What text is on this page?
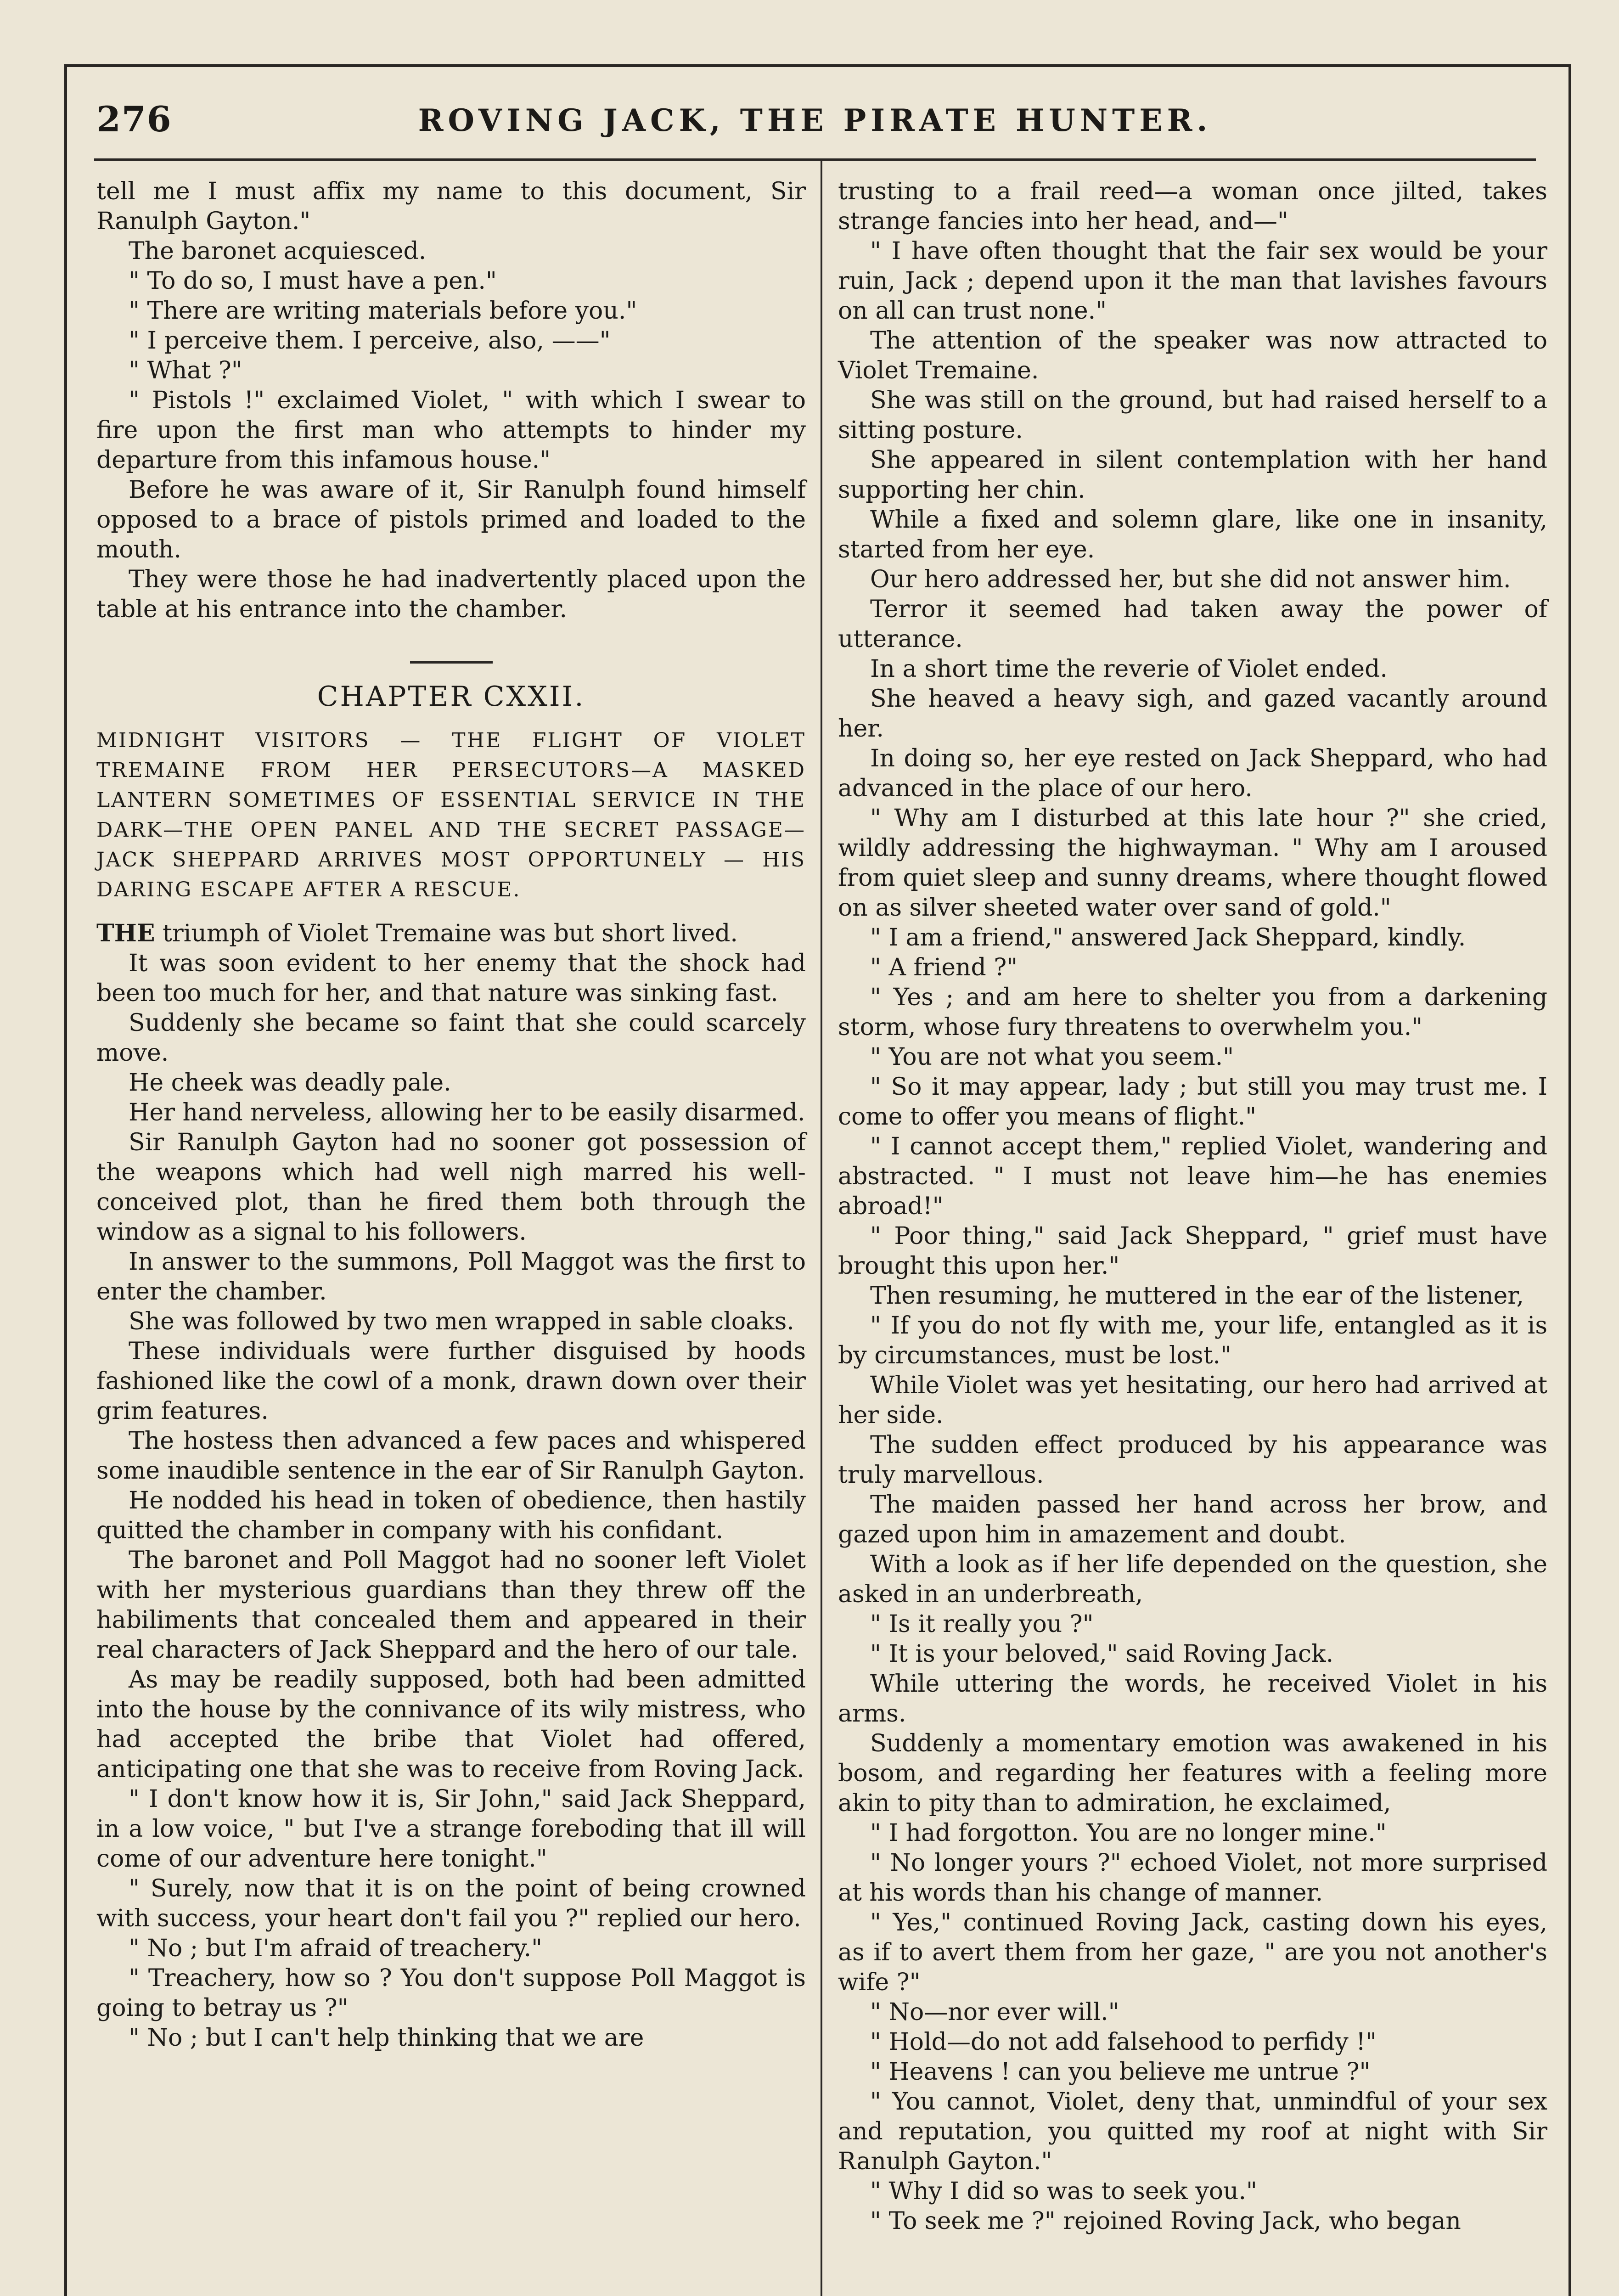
276	ROVING JACK, THE PIRATE HUNTER.

tell me I must affix my name to this document, Sir Ranulph Gayton."

The baronet acquiesced.

" To do so, I must have a pen."

" There are writing materials before you."

" I perceive them. I perceive, also, ——"

" What ?"

" Pistols !" exclaimed Violet, " with which I swear to fire upon the first man who attempts to hinder my departure from this infamous house."

Before he was aware of it, Sir Ranulph found himself opposed to a brace of pistols primed and loaded to the mouth.

They were those he had inadvertently placed upon the table at his entrance into the chamber.

CHAPTER CXXII.
MIDNIGHT VISITORS — THE FLIGHT OF VIOLET TREMAINE FROM HER PERSECUTORS—A MASKED LANTERN SOMETIMES OF ESSENTIAL SERVICE IN THE DARK—THE OPEN PANEL AND THE SECRET PASSAGE—JACK SHEPPARD ARRIVES MOST OPPORTUNELY — HIS DARING ESCAPE AFTER A RESCUE.

THE triumph of Violet Tremaine was but short lived.

It was soon evident to her enemy that the shock had been too much for her, and that nature was sinking fast.

Suddenly she became so faint that she could scarcely move.

He cheek was deadly pale.

Her hand nerveless, allowing her to be easily disarmed.

Sir Ranulph Gayton had no sooner got possession of the weapons which had well nigh marred his well-conceived plot, than he fired them both through the window as a signal to his followers.

In answer to the summons, Poll Maggot was the first to enter the chamber.

She was followed by two men wrapped in sable cloaks.

These individuals were further disguised by hoods fashioned like the cowl of a monk, drawn down over their grim features.

The hostess then advanced a few paces and whispered some inaudible sentence in the ear of Sir Ranulph Gayton.

He nodded his head in token of obedience, then hastily quitted the chamber in company with his confidant.

The baronet and Poll Maggot had no sooner left Violet with her mysterious guardians than they threw off the habiliments that concealed them and appeared in their real characters of Jack Sheppard and the hero of our tale.

As may be readily supposed, both had been admitted into the house by the connivance of its wily mistress, who had accepted the bribe that Violet had offered, anticipating one that she was to receive from Roving Jack.

" I don't know how it is, Sir John," said Jack Sheppard, in a low voice, " but I've a strange foreboding that ill will come of our adventure here tonight."

" Surely, now that it is on the point of being crowned with success, your heart don't fail you ?" replied our hero.

" No ; but I'm afraid of treachery."

" Treachery, how so ? You don't suppose Poll Maggot is going to betray us ?"

" No ; but I can't help thinking that we are

trusting to a frail reed—a woman once jilted, takes strange fancies into her head, and—"

" I have often thought that the fair sex would be your ruin, Jack ; depend upon it the man that lavishes favours on all can trust none."

The attention of the speaker was now attracted to Violet Tremaine.

She was still on the ground, but had raised herself to a sitting posture.

She appeared in silent contemplation with her hand supporting her chin.

While a fixed and solemn glare, like one in insanity, started from her eye.

Our hero addressed her, but she did not answer him.

Terror it seemed had taken away the power of utterance.

In a short time the reverie of Violet ended.

She heaved a heavy sigh, and gazed vacantly around her.

In doing so, her eye rested on Jack Sheppard, who had advanced in the place of our hero.

" Why am I disturbed at this late hour ?" she cried, wildly addressing the highwayman. " Why am I aroused from quiet sleep and sunny dreams, where thought flowed on as silver sheeted water over sand of gold."

" I am a friend," answered Jack Sheppard, kindly.

" A friend ?"

" Yes ; and am here to shelter you from a darkening storm, whose fury threatens to overwhelm you."

" You are not what you seem."

" So it may appear, lady ; but still you may trust me. I come to offer you means of flight."

" I cannot accept them," replied Violet, wandering and abstracted. " I must not leave him—he has enemies abroad!"

" Poor thing," said Jack Sheppard, " grief must have brought this upon her."

Then resuming, he muttered in the ear of the listener,

" If you do not fly with me, your life, entangled as it is by circumstances, must be lost."

While Violet was yet hesitating, our hero had arrived at her side.

The sudden effect produced by his appearance was truly marvellous.

The maiden passed her hand across her brow, and gazed upon him in amazement and doubt.

With a look as if her life depended on the question, she asked in an underbreath,

" Is it really you ?"

" It is your beloved," said Roving Jack.

While uttering the words, he received Violet in his arms.

Suddenly a momentary emotion was awakened in his bosom, and regarding her features with a feeling more akin to pity than to admiration, he exclaimed,

" I had forgotton. You are no longer mine."

" No longer yours ?" echoed Violet, not more surprised at his words than his change of manner.

" Yes," continued Roving Jack, casting down his eyes, as if to avert them from her gaze, " are you not another's wife ?"

" No—nor ever will."

" Hold—do not add falsehood to perfidy !"

" Heavens ! can you believe me untrue ?"

" You cannot, Violet, deny that, unmindful of your sex and reputation, you quitted my roof at night with Sir Ranulph Gayton."

" Why I did so was to seek you."

" To seek me ?" rejoined Roving Jack, who began
